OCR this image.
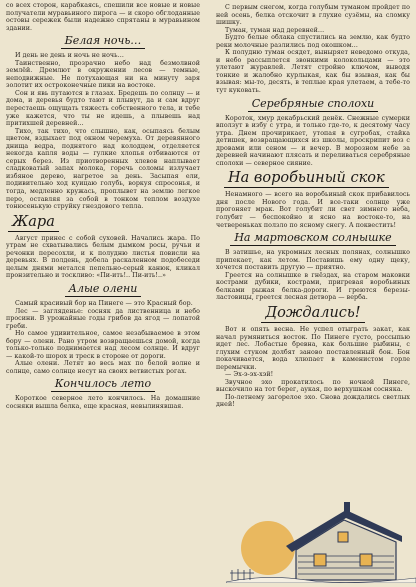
со всех сторон, карабкаясь, спешили все новые и новые получатели муравьиного пирога — и скоро обглоданные остовы сережек были надежно спрятаны в муравьином здании.

Белая ночь…

И день не день и ночь не ночь…

Таинственно, прозрачно небо над безмолвной землёй. Дремлют в окружении лесов — темные, неподвижные. Не потухающая ни на минуту заря золотит их остроконечные пики на востоке.

Сон и явь путаются в глазах. Бредешь по солнцу — и дома, и деревья будто тают и плывут, да и сам вдруг перестаешь ощущать тяжесть собственного тела, и тебе уже кажется, что ты не идешь, а плывешь над притихшей деревней…

Тихо, так тихо, что слышно, как, осыпаясь белым цветом, вздыхает под окном черемуха. От деревянного днища ведра, поднятого над колодцем, отделяется некогда капля воды — гулкие хлопья отбиваются от серых берез. Из приотворенных хлевов наплывает сладковатый запах молока, горечь соломы излучает избяное дерево, нагретое за день. Засыпая ели, подивительно ход куицаю голубь, воркуя спросонья, и тогда, медленно кружась, проплывет на землю легкое перо, оставляя за собой в тонком теплом воздухе тонюсенькую струйку гнездового тепла.

Жара

Август принес с собой суховей. Начались жара. По утрам не схватывались белым дымком росы, ручьи и речонки пересохли, и к полудню листья повисли на деревьях. В полдень, добела раскаленном подобеседи целым днями метался пепельно-серый канюк, кликал пронзительно и тоскливо: «Пи-ить!.. Пи-ить!..»

Алые олени

Самый красивый бор на Пинеге — это Красный бор.

Лес — загляденье: сосняк да лиственница и небо просини. В урожайные годы грибов да ягод — лопатой греби.

Но самое удивительное, самое незабываемое в этом бору — олени. Рано утром возвращаешься домой, когда только-только поднимается над лесом солнце. И вдруг — какой-то шорох и треск в стороне от дороги.

Алые олени. Летят во весь мах по белой волне и солнце, само солнце несут на своих ветвистых рогах.

Кончилось лето

Короткое северное лето кончилось. На домашние сосняки вышла белка, еще красная, невылинявшая.

С первым снегом, когда голубым туманом пройдет по ней осень, белка отскочит в глухие сузёмы, на сломку шишку.

Туман, туман над деревней…

Будто белые облака спустились на землю, как будто реки молочные разлились под окошком…

К полудню туман осядет, выныряет неведомо откуда, и небо рассыплется звонкими колокольцами — это улетают журавлей. Летят стройно ключом, выводя тонкие и жалобно курлыкая, как бы взывая, как бы взывая: мы-то, десять, в теплые края улетаем, а тебе-то тут куковать.

Серебряные сполохи

Короток, хмур декабрьский денёк. Снежные сумерки вползут в избу с утра, и только где-то, к десятому часу утра. Днем прочирикает, утопая в сугробах, стайка детишек, возвращающихся из школы, проскрипит воз с дровами или сеном — и вечер. В морозном небе за деревней начинают плясать и переливаться серебряные сполохи — северное сияние.

На воробьиный скок

Ненамного — всего на воробьиный скок прибавилось дня после Нового года. И все-таки солнце уже прогоняет мрак. Вот голубит ли свет зимнего неба, голубит — беспокойно и ясно на востоке-то, на четвереньках ползло по ясному снегу. А поквестить!

На мартовском солнышке

В затишье, на укромных лесных полянах, солнышко припекает, как летом. Поставишь ему одну щеку, хочется поставить другую — приятно.

Греется на солнышке в гнёздах, на старом маковки кострами дубики, кострами, пригревая воробьиных белками рыжая белка-дороги. И греются березы-ластовицы, греется лесная детвора — верба.

Дождались!

Вот и опять весна. Не успел отыграть закат, как начал румяниться восток. По Пинеге густо, россыпью идет лес. Лобастые бревна, как большие рыбины, с глухим стуком долбят заново поставленный бон. Бон покачивается, вода хлюпает в каменистом горле перемычки.

— Эх-э-эх-хэй!

Звучное эхо прокатилось по ночной Пинеге, выскочило на тот берег, аукая, по верхушкам сосняка.

По-летнему загорелое эхо. Снова дождались светлых дней!
